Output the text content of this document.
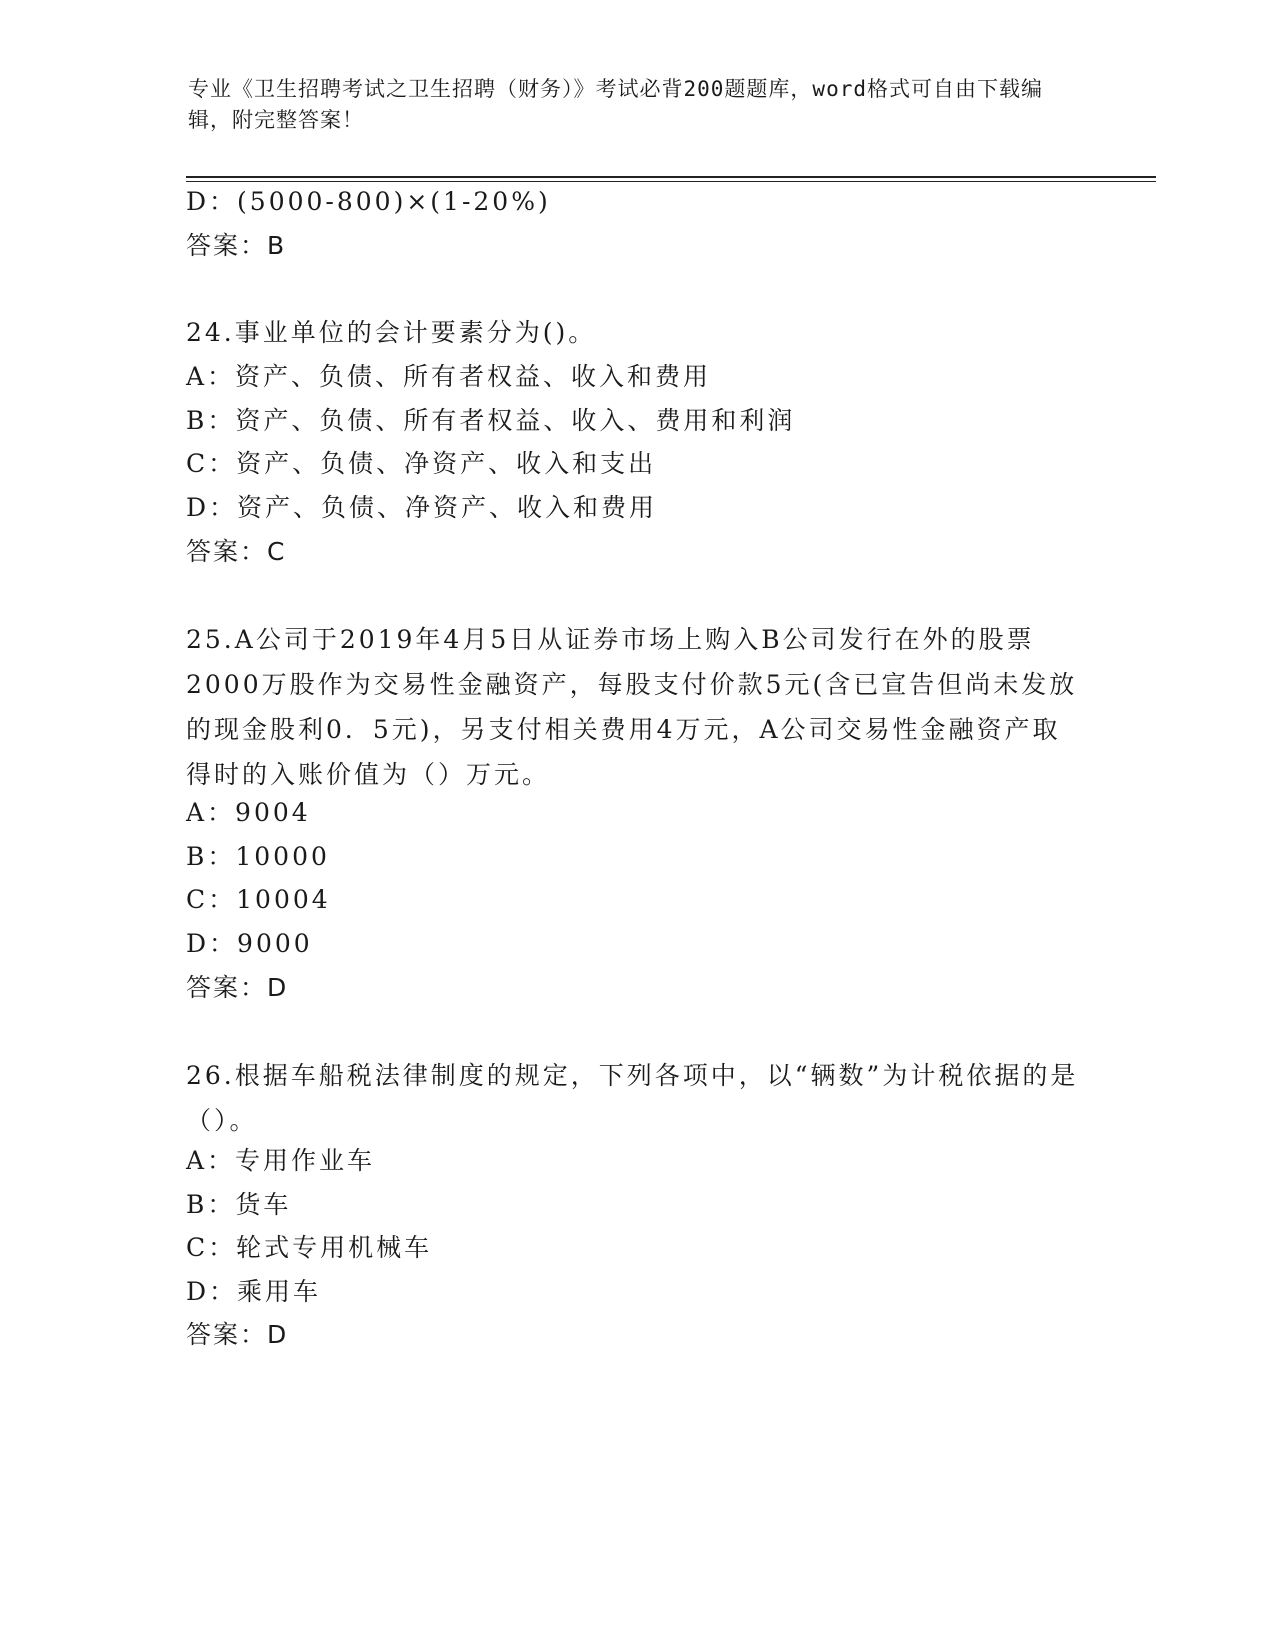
专业《卫生招聘考试之卫生招聘（财务）》考试必背200题题库，word格式可自由下载编辑，附完整答案！
D：(5000-800)×(1-20%)
答案：B
24.事业单位的会计要素分为()。
A：资产、负债、所有者权益、收入和费用
B：资产、负债、所有者权益、收入、费用和利润
C：资产、负债、净资产、收入和支出
D：资产、负债、净资产、收入和费用
答案：C
25.A公司于2019年4月5日从证券市场上购入B公司发行在外的股票2000万股作为交易性金融资产，每股支付价款5元(含已宣告但尚未发放的现金股利0．5元)，另支付相关费用4万元，A公司交易性金融资产取得时的入账价值为（）万元。
A：9004
B：10000
C：10004
D：9000
答案：D
26.根据车船税法律制度的规定，下列各项中，以“辆数”为计税依据的是（）。
A：专用作业车
B：货车
C：轮式专用机械车
D：乘用车
答案：D
